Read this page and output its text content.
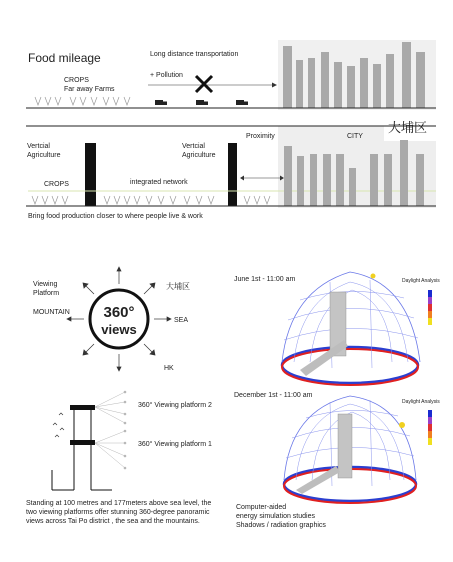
Food mileage	Long distance transportation
+ Pollution
CROPS
Far away Farms
大埔区
Vertcial
Agriculture
Vertcial
Agriculture
Proximity	CITY
CROPS	integrated network
Bring food production closer to where people live & work
360°
views
Viewing
Platform
MOUNTAIN
大埔区
SEA
HK
360° Viewing platform 2
360° Viewing platform 1
Standing at 100 metres and 177meters above sea level, the
two viewing platforms offer stunning 360-degree panoramic
views across Tai Po district , the sea and the mountains.
June 1st - 11:00 am	Daylight Analysis
December 1st - 11:00 am
Daylight Analysis
Computer-aided
energy simulation studies
Shadows / radiation graphics
